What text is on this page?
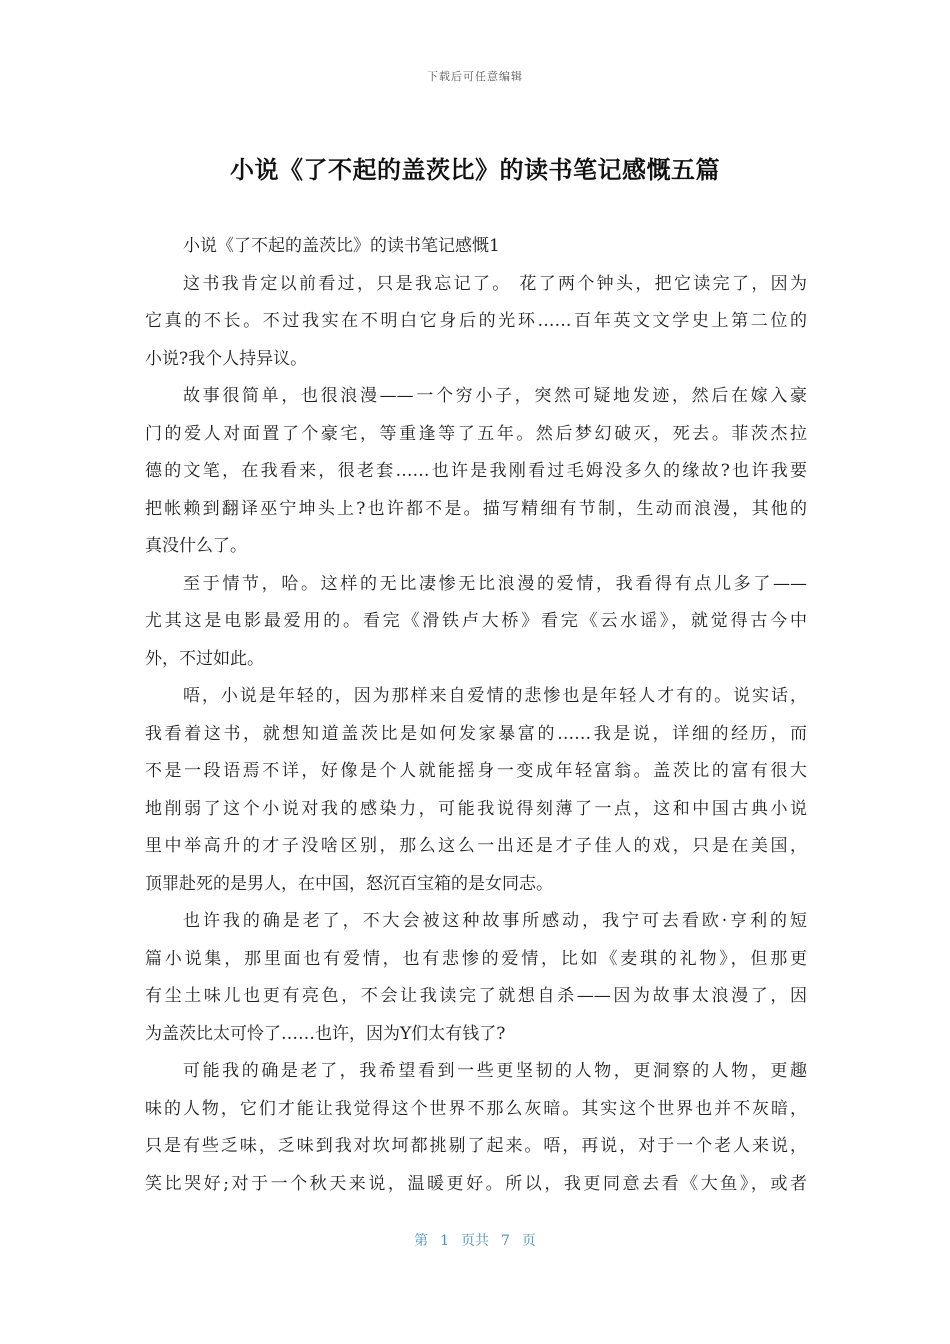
下载后可任意编辑
小说《了不起的盖茨比》的读书笔记感慨五篇
小说《了不起的盖茨比》的读书笔记感慨1
这书我肯定以前看过，只是我忘记了。 花了两个钟头，把它读完了，因为
它真的不长。不过我实在不明白它身后的光环……百年英文文学史上第二位的
小说?我个人持异议。
故事很简单，也很浪漫——一个穷小子，突然可疑地发迹，然后在嫁入豪
门的爱人对面置了个豪宅，等重逢等了五年。然后梦幻破灭，死去。菲茨杰拉
德的文笔，在我看来，很老套……也许是我刚看过毛姆没多久的缘故?也许我要
把帐赖到翻译巫宁坤头上?也许都不是。描写精细有节制，生动而浪漫，其他的
真没什么了。
至于情节，哈。这样的无比凄惨无比浪漫的爱情，我看得有点儿多了——
尤其这是电影最爱用的。看完《滑铁卢大桥》看完《云水谣》，就觉得古今中
外，不过如此。
唔，小说是年轻的，因为那样来自爱情的悲惨也是年轻人才有的。说实话，
我看着这书，就想知道盖茨比是如何发家暴富的……我是说，详细的经历，而
不是一段语焉不详，好像是个人就能摇身一变成年轻富翁。盖茨比的富有很大
地削弱了这个小说对我的感染力，可能我说得刻薄了一点，这和中国古典小说
里中举高升的才子没啥区别，那么这么一出还是才子佳人的戏，只是在美国，
顶罪赴死的是男人，在中国，怒沉百宝箱的是女同志。
也许我的确是老了，不大会被这种故事所感动，我宁可去看欧·亨利的短
篇小说集，那里面也有爱情，也有悲惨的爱情，比如《麦琪的礼物》，但那更
有尘土味儿也更有亮色，不会让我读完了就想自杀——因为故事太浪漫了，因
为盖茨比太可怜了……也许，因为Y们太有钱了?
可能我的确是老了，我希望看到一些更坚韧的人物，更洞察的人物，更趣
味的人物，它们才能让我觉得这个世界不那么灰暗。其实这个世界也并不灰暗，
只是有些乏味，乏味到我对坎坷都挑剔了起来。唔，再说，对于一个老人来说，
笑比哭好;对于一个秋天来说，温暖更好。所以，我更同意去看《大鱼》，或者
第 1 页共 7 页
